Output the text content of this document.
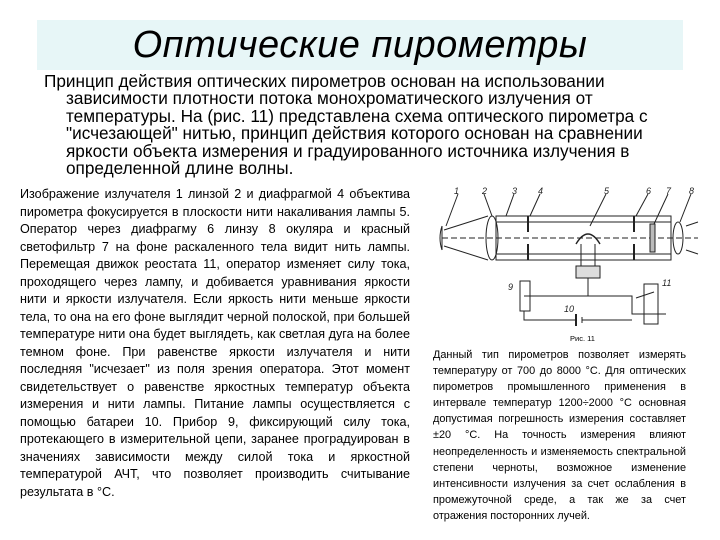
Оптические пирометры

Принцип действия оптических пирометров основан на использовании зависимости плотности потока монохроматического излучения от температуры. На (рис. 11) представлена схема оптического пирометра с "исчезающей" нитью, принцип действия которого основан на сравнении яркости объекта измерения и градуированного источника излучения в определенной длине волны.

Изображение излучателя 1 линзой 2 и диафрагмой 4 объектива пирометра фокусируется в плоскости нити накаливания лампы 5. Оператор через диафрагму 6 линзу 8 окуляра и красный светофильтр 7 на фоне раскаленного тела видит нить лампы. Перемещая движок реостата 11, оператор изменяет силу тока, проходящего через лампу, и добивается уравнивания яркости нити и яркости излучателя. Если яркость нити меньше яркости тела, то она на его фоне выглядит черной полоской, при большей температуре нити она будет выглядеть, как светлая дуга на более темном фоне. При равенстве яркости излучателя и нити последняя "исчезает" из поля зрения оператора. Этот момент свидетельствует о равенстве яркостных температур объекта измерения и нити лампы. Питание лампы осуществляется с помощью батареи 10. Прибор 9, фиксирующий силу тока, протекающего в измерительной цепи, заранее проградуирован в значениях зависимости между силой тока и яркостной температурой АЧТ, что позволяет производить считывание результата в °С.
1	2	3 4	5	6 7 8
9
10
11
Рис. 11
Данный тип пирометров позволяет измерять температуру от 700 до 8000 °С. Для оптических пирометров промышленного применения в интервале температур 1200÷2000 °С основная допустимая погрешность измерения составляет ±20 °С. На точность измерения влияют неопределенность и изменяемость спектральной степени черноты, возможное изменение интенсивности излучения за счет ослабления в промежуточной среде, а так же за счет отражения посторонних лучей.
